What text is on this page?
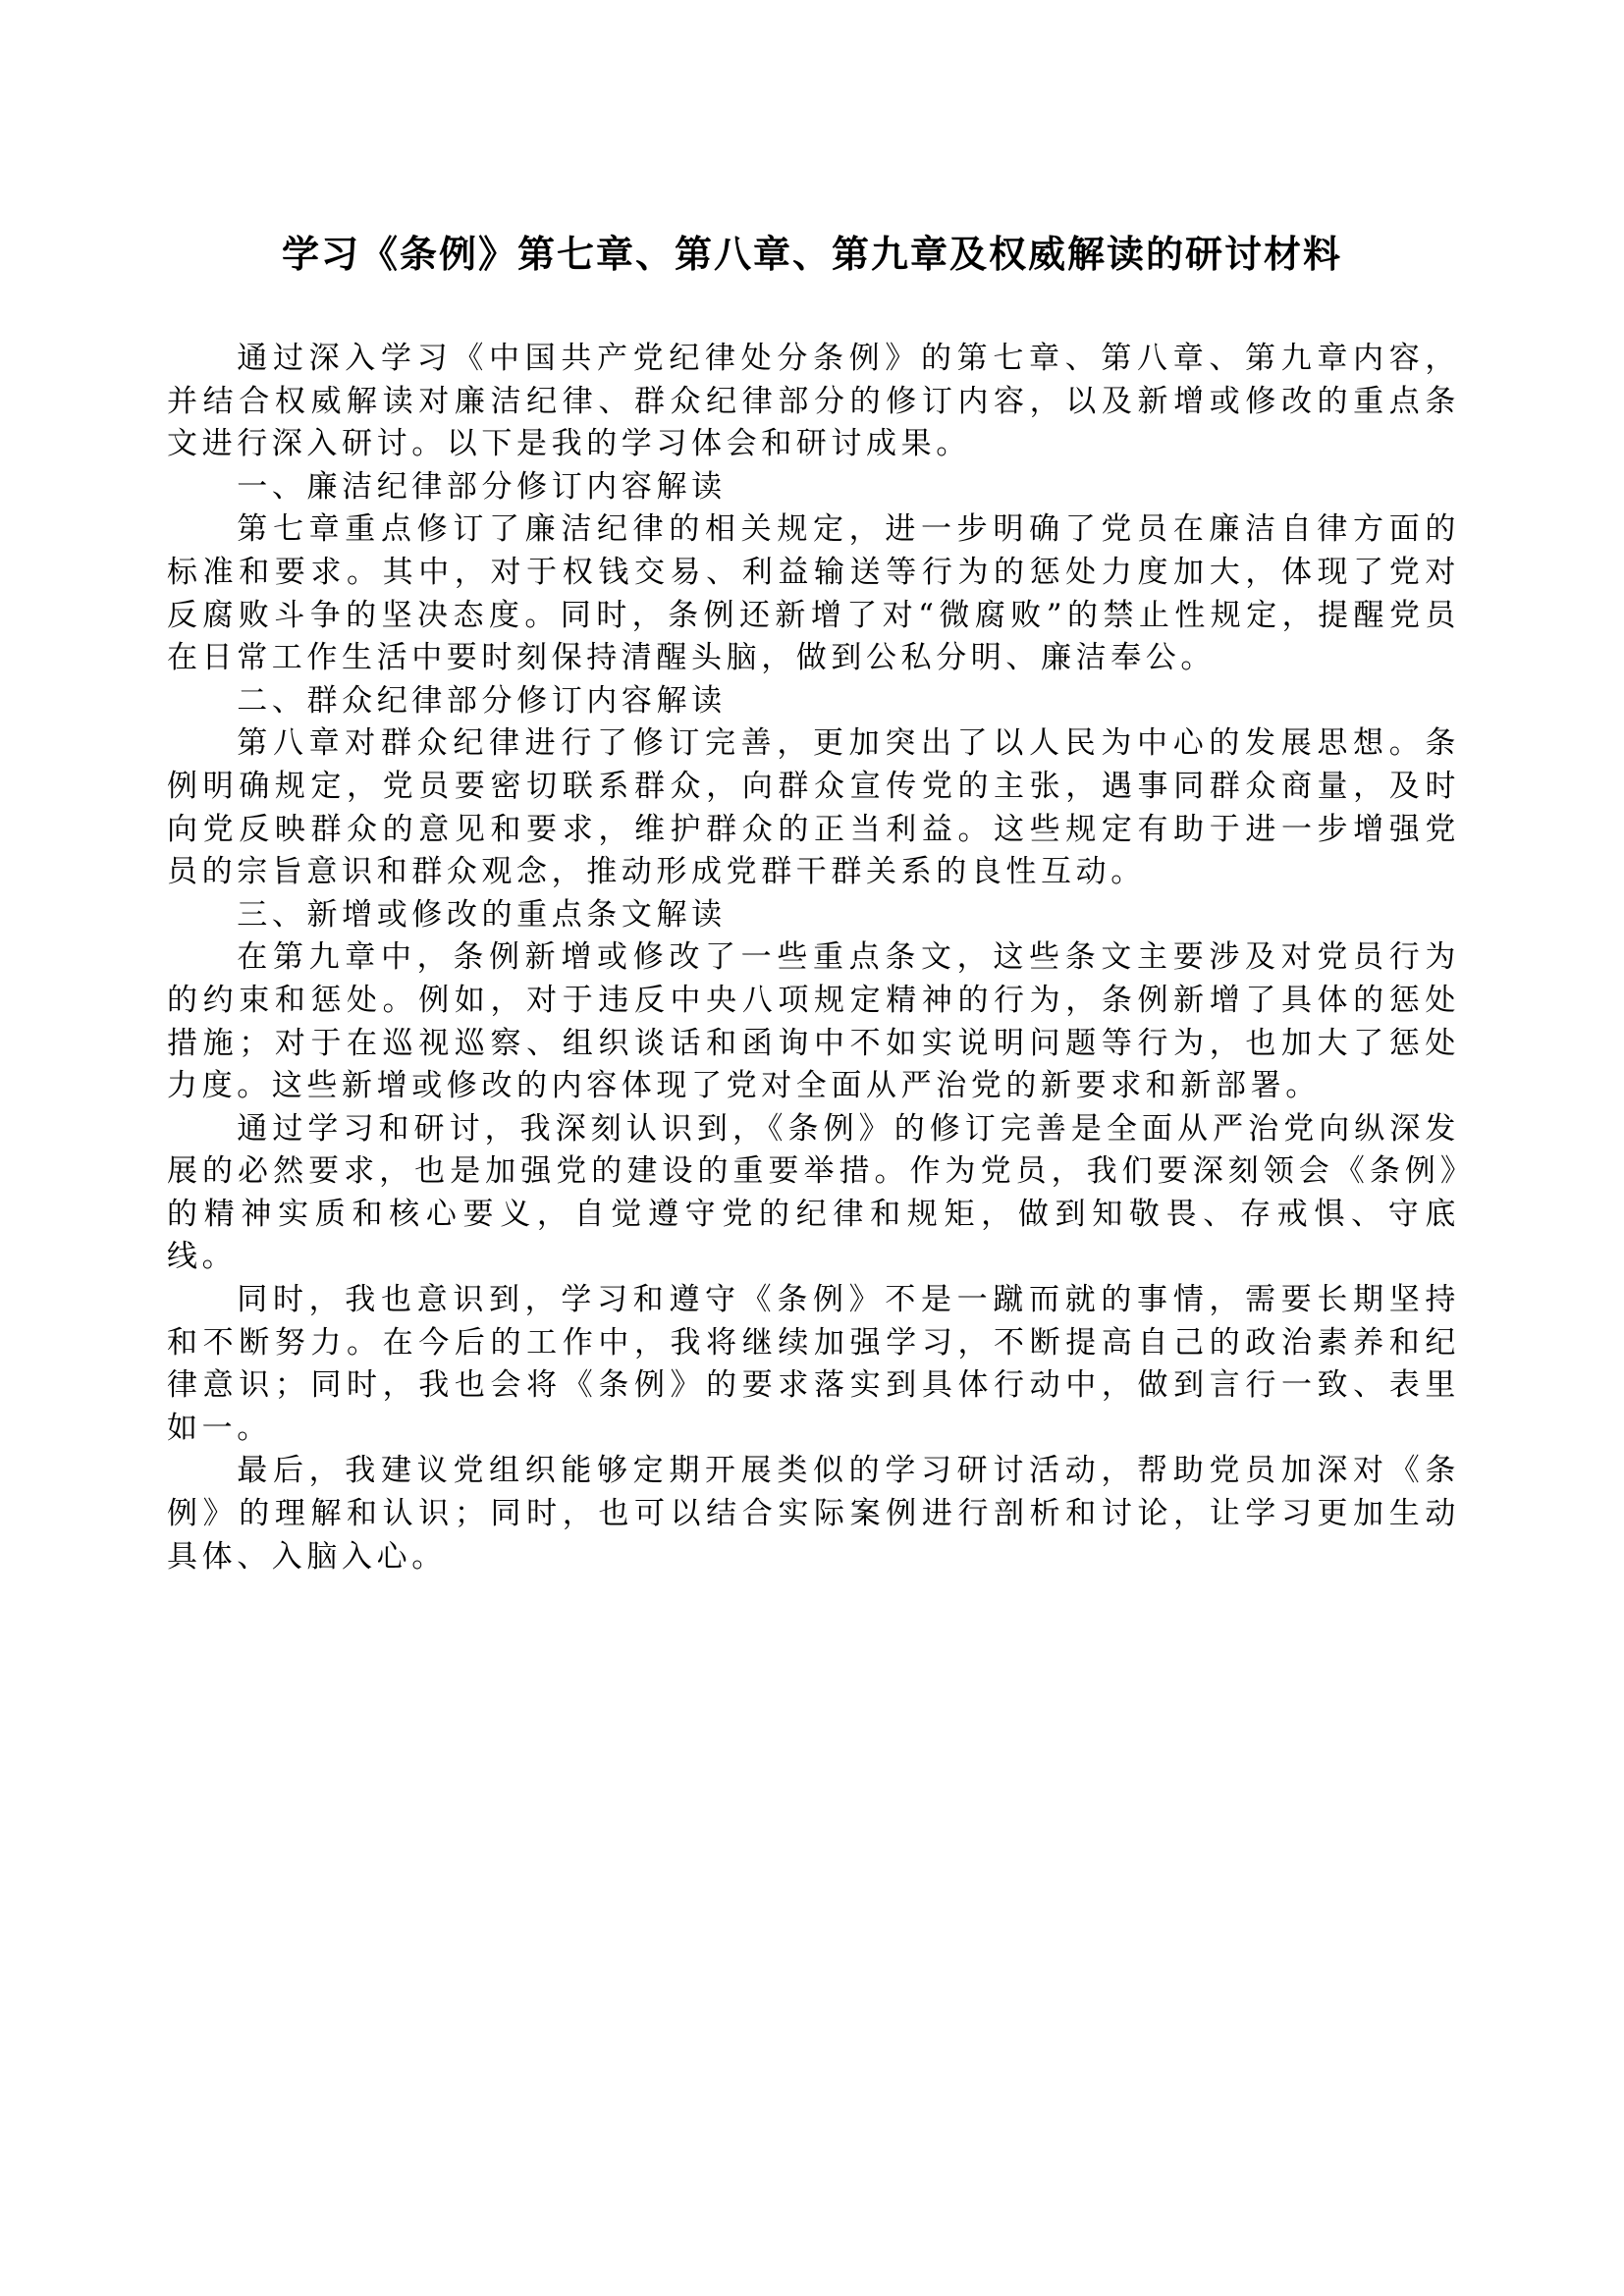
学习《条例》第七章、第八章、第九章及权威解读的研讨材料

通过深入学习《中国共产党纪律处分条例》的第七章、第八章、第九章内容，并结合权威解读对廉洁纪律、群众纪律部分的修订内容，以及新增或修改的重点条文进行深入研讨。以下是我的学习体会和研讨成果。

一、廉洁纪律部分修订内容解读

第七章重点修订了廉洁纪律的相关规定，进一步明确了党员在廉洁自律方面的标准和要求。其中，对于权钱交易、利益输送等行为的惩处力度加大，体现了党对反腐败斗争的坚决态度。同时，条例还新增了对“微腐败”的禁止性规定，提醒党员在日常工作生活中要时刻保持清醒头脑，做到公私分明、廉洁奉公。

二、群众纪律部分修订内容解读

第八章对群众纪律进行了修订完善，更加突出了以人民为中心的发展思想。条例明确规定，党员要密切联系群众，向群众宣传党的主张，遇事同群众商量，及时向党反映群众的意见和要求，维护群众的正当利益。这些规定有助于进一步增强党员的宗旨意识和群众观念，推动形成党群干群关系的良性互动。

三、新增或修改的重点条文解读

在第九章中，条例新增或修改了一些重点条文，这些条文主要涉及对党员行为的约束和惩处。例如，对于违反中央八项规定精神的行为，条例新增了具体的惩处措施；对于在巡视巡察、组织谈话和函询中不如实说明问题等行为，也加大了惩处力度。这些新增或修改的内容体现了党对全面从严治党的新要求和新部署。

通过学习和研讨，我深刻认识到，《条例》的修订完善是全面从严治党向纵深发展的必然要求，也是加强党的建设的重要举措。作为党员，我们要深刻领会《条例》的精神实质和核心要义，自觉遵守党的纪律和规矩，做到知敬畏、存戒惧、守底线。

同时，我也意识到，学习和遵守《条例》不是一蹴而就的事情，需要长期坚持和不断努力。在今后的工作中，我将继续加强学习，不断提高自己的政治素养和纪律意识；同时，我也会将《条例》的要求落实到具体行动中，做到言行一致、表里如一。

最后，我建议党组织能够定期开展类似的学习研讨活动，帮助党员加深对《条例》的理解和认识；同时，也可以结合实际案例进行剖析和讨论，让学习更加生动具体、入脑入心。
